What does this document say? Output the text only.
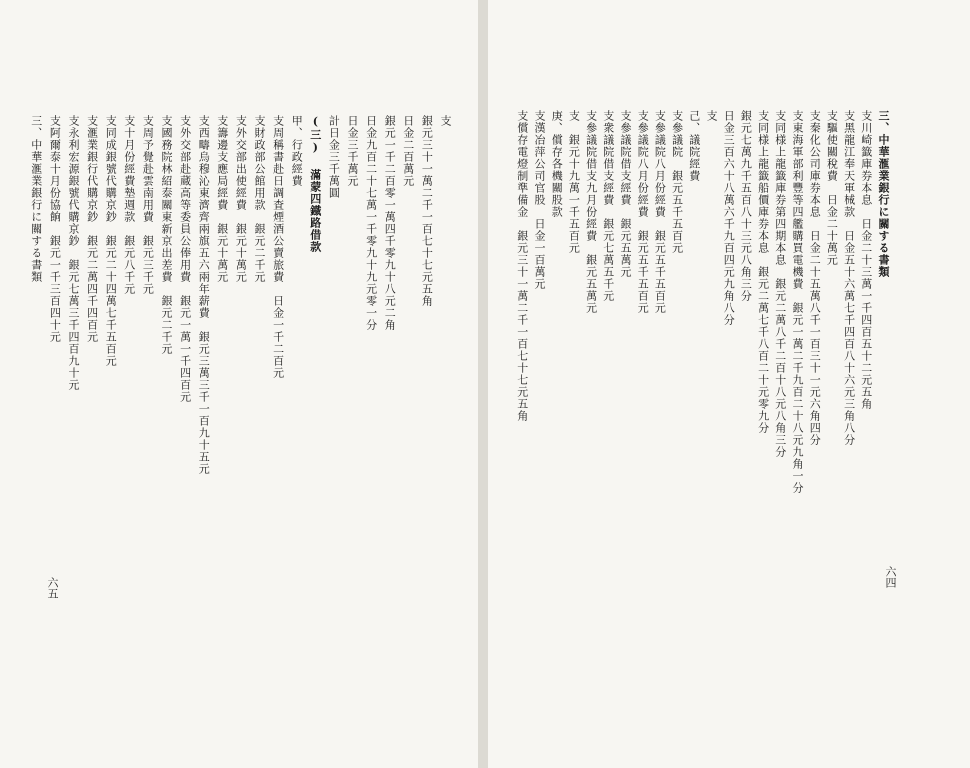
六五
支
銀元三十一萬二千一百七十七元五角
日金二百萬元
銀元一千二百零一萬四千零九十八元二角
日金九百二十七萬一千零九十九元零一分
日金三千萬元
計日金三千萬圓
(三) 滿蒙四鐵路借款
甲、行政經費
支周稱書赴日調査煙酒公賣旅費　日金一千二百元
支財政部公館用款　銀元二千元
支外交部出使經費　銀元十萬元
支籌邊支應局經費　銀元十萬元
支西疇烏穆沁東濟齊兩旗五六兩年薪費　銀元三萬三千一百九十五元
支外交部赴蔵高等委員公俸用費　銀元一萬一千四百元
支國務院林紹泰關東新京出差費　銀元二千元
支周予覺赴雲南用費　銀元三千元
支十月份經費墊週款　銀元八千元
支同成銀號代購京鈔　銀元二十四萬七千五百元
支滙業銀行代購京鈔　銀元二萬四千四百元
支永利宏源銀號代購京鈔　銀元七萬三千四百九十元
支阿爾泰十月份協餉　銀元一千三百四十元
三、中華滙業銀行に關する書類
六四
三、中華滙業銀行に關する書類
支川崎籤庫券本息　日金二十三萬一千四百五十二元五角
支黑龍江奉天軍械款　日金五十六萬七千四百八十六元三角八分
支驅使關稅費　日金二十萬元
支秦化公司庫券本息　日金二十五萬八千一百三十一元六角四分
支東海軍部利豐等四艦購買電機費　銀元一萬二千九百二十八元九角一分
支同様上龍籤庫券第四期本息　銀元二萬八千二百十八元八角三分
支同様上龍籤船價庫券本息　銀元二萬七千八百二十元零九分
銀元七萬九千五百八十三元八角三分
日金三百六十八萬六千九百四元九角八分
支
己、議院經費
支參議院　銀元五千五百元
支參議院八月份經費　銀元五千五百元
支參議院八月份經費　銀元五千五百元
支參議院借支經費　銀元五萬元
支衆議院借支經費　銀元七萬五千元
支參議院借支九月份經費　銀元五萬元
支　銀元十九萬一千五百元
庚、償存各機關股款
支漢冶萍公司官股　日金一百萬元
支償存電燈制準備金　銀元三十一萬二千一百七十七元五角
